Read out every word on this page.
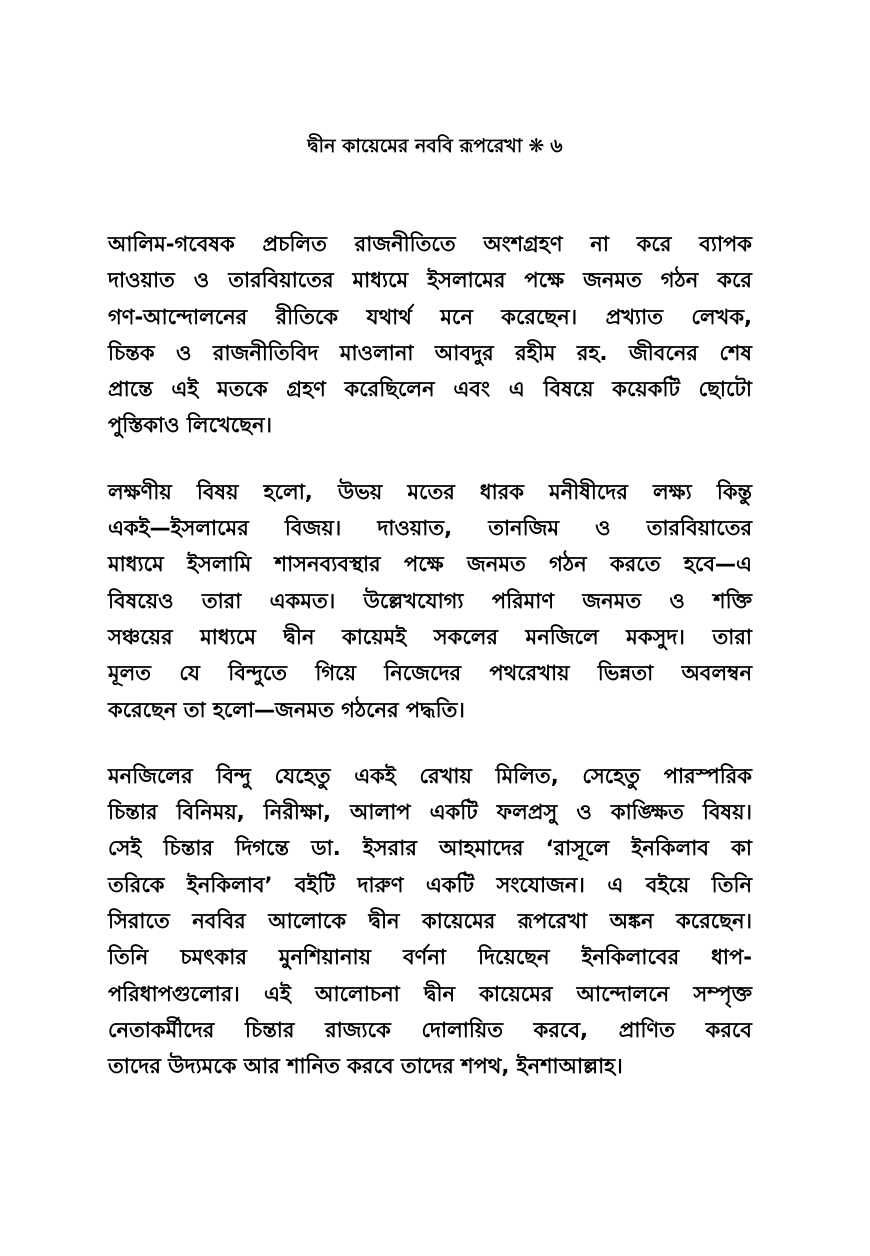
দ্বীন কায়েমের নববি রূপরেখা ❋ ৬
আলিম-গবেষক প্রচলিত রাজনীতিতে অংশগ্রহণ না করে ব্যাপক
দাওয়াত ও তারবিয়াতের মাধ্যমে ইসলামের পক্ষে জনমত গঠন করে
গণ-আন্দোলনের রীতিকে যথার্থ মনে করেছেন। প্রখ্যাত লেখক,
চিন্তক ও রাজনীতিবিদ মাওলানা আবদুর রহীম রহ. জীবনের শেষ
প্রান্তে এই মতকে গ্রহণ করেছিলেন এবং এ বিষয়ে কয়েকটি ছোটো
পুস্তিকাও লিখেছেন।
লক্ষণীয় বিষয় হলো, উভয় মতের ধারক মনীষীদের লক্ষ্য কিন্তু
একই—ইসলামের বিজয়। দাওয়াত, তানজিম ও তারবিয়াতের
মাধ্যমে ইসলামি শাসনব্যবস্থার পক্ষে জনমত গঠন করতে হবে—এ
বিষয়েও তারা একমত। উল্লেখযোগ্য পরিমাণ জনমত ও শক্তি
সঞ্চয়ের মাধ্যমে দ্বীন কায়েমই সকলের মনজিলে মকসুদ। তারা
মূলত যে বিন্দুতে গিয়ে নিজেদের পথরেখায় ভিন্নতা অবলম্বন
করেছেন তা হলো—জনমত গঠনের পদ্ধতি।
মনজিলের বিন্দু যেহেতু একই রেখায় মিলিত, সেহেতু পারস্পরিক
চিন্তার বিনিময়, নিরীক্ষা, আলাপ একটি ফলপ্রসু ও কাঙ্ক্ষিত বিষয়।
সেই চিন্তার দিগন্তে ডা. ইসরার আহমাদের ‘রাসূলে ইনকিলাব কা
তরিকে ইনকিলাব’ বইটি দারুণ একটি সংযোজন। এ বইয়ে তিনি
সিরাতে নববির আলোকে দ্বীন কায়েমের রূপরেখা অঙ্কন করেছেন।
তিনি চমৎকার মুনশিয়ানায় বর্ণনা দিয়েছেন ইনকিলাবের ধাপ-
পরিধাপগুলোর। এই আলোচনা দ্বীন কায়েমের আন্দোলনে সম্পৃক্ত
নেতাকর্মীদের চিন্তার রাজ্যকে দোলায়িত করবে, প্রাণিত করবে
তাদের উদ্যমকে আর শানিত করবে তাদের শপথ, ইনশাআল্লাহ।
